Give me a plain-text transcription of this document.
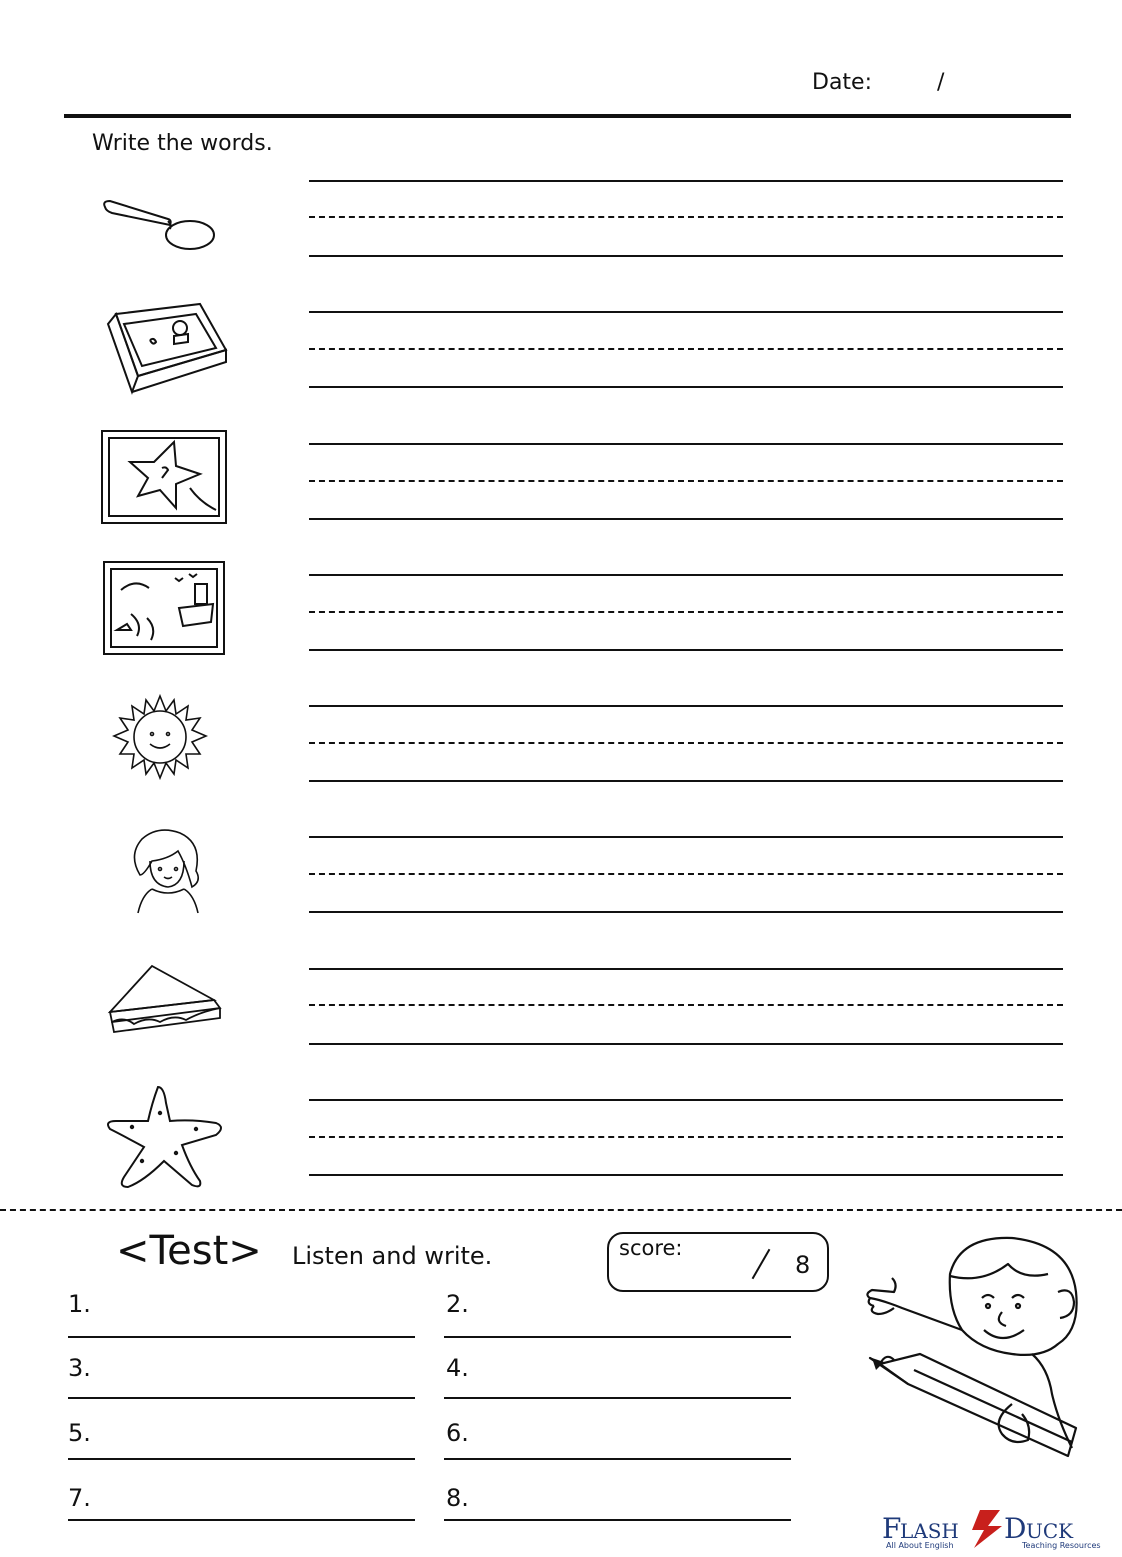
Date:	/
Write the words.
<Test> Listen and write.	score:
8
1.	2.
3.	4.
5.	6.
7.	8.
F
LASH D UCK
All About English	Teaching Resources
